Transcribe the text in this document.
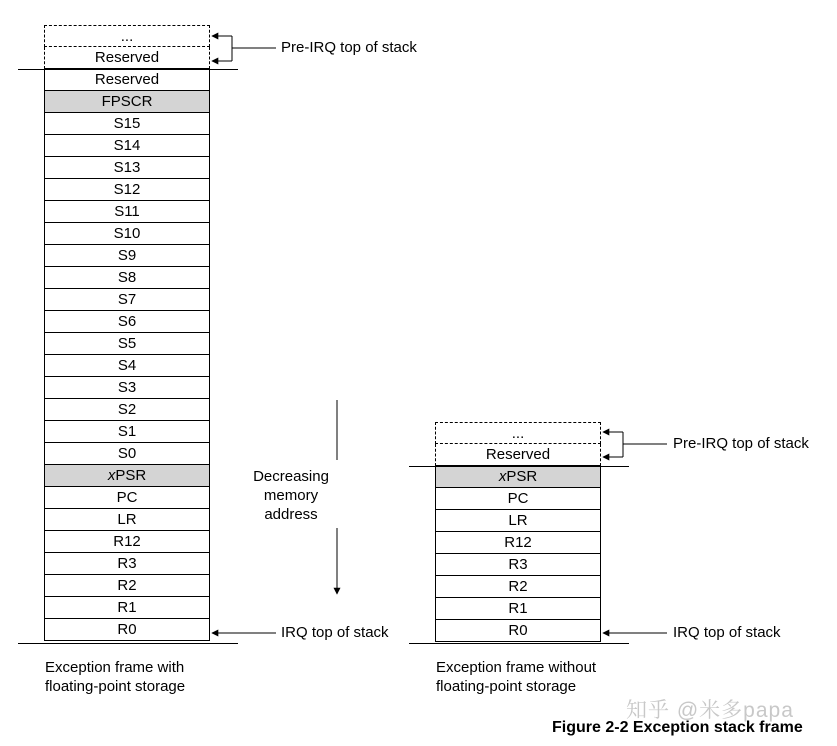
...
Reserved
Reserved
FPSCR
S15
S14
S13
S12
S11
S10
S9
S8
S7
S6
S5
S4
S3
S2
S1
S0
xPSR
PC
LR
R12
R3
R2
R1
R0
...
Reserved
xPSR
PC
LR
R12
R3
R2
R1
R0
Pre-IRQ top of stack
IRQ top of stack
Pre-IRQ top of stack
IRQ top of stack
Decreasing
memory
address
Exception frame with
floating-point storage
Exception frame without
floating-point storage
知乎 @米多papa
Figure 2-2 Exception stack frame
